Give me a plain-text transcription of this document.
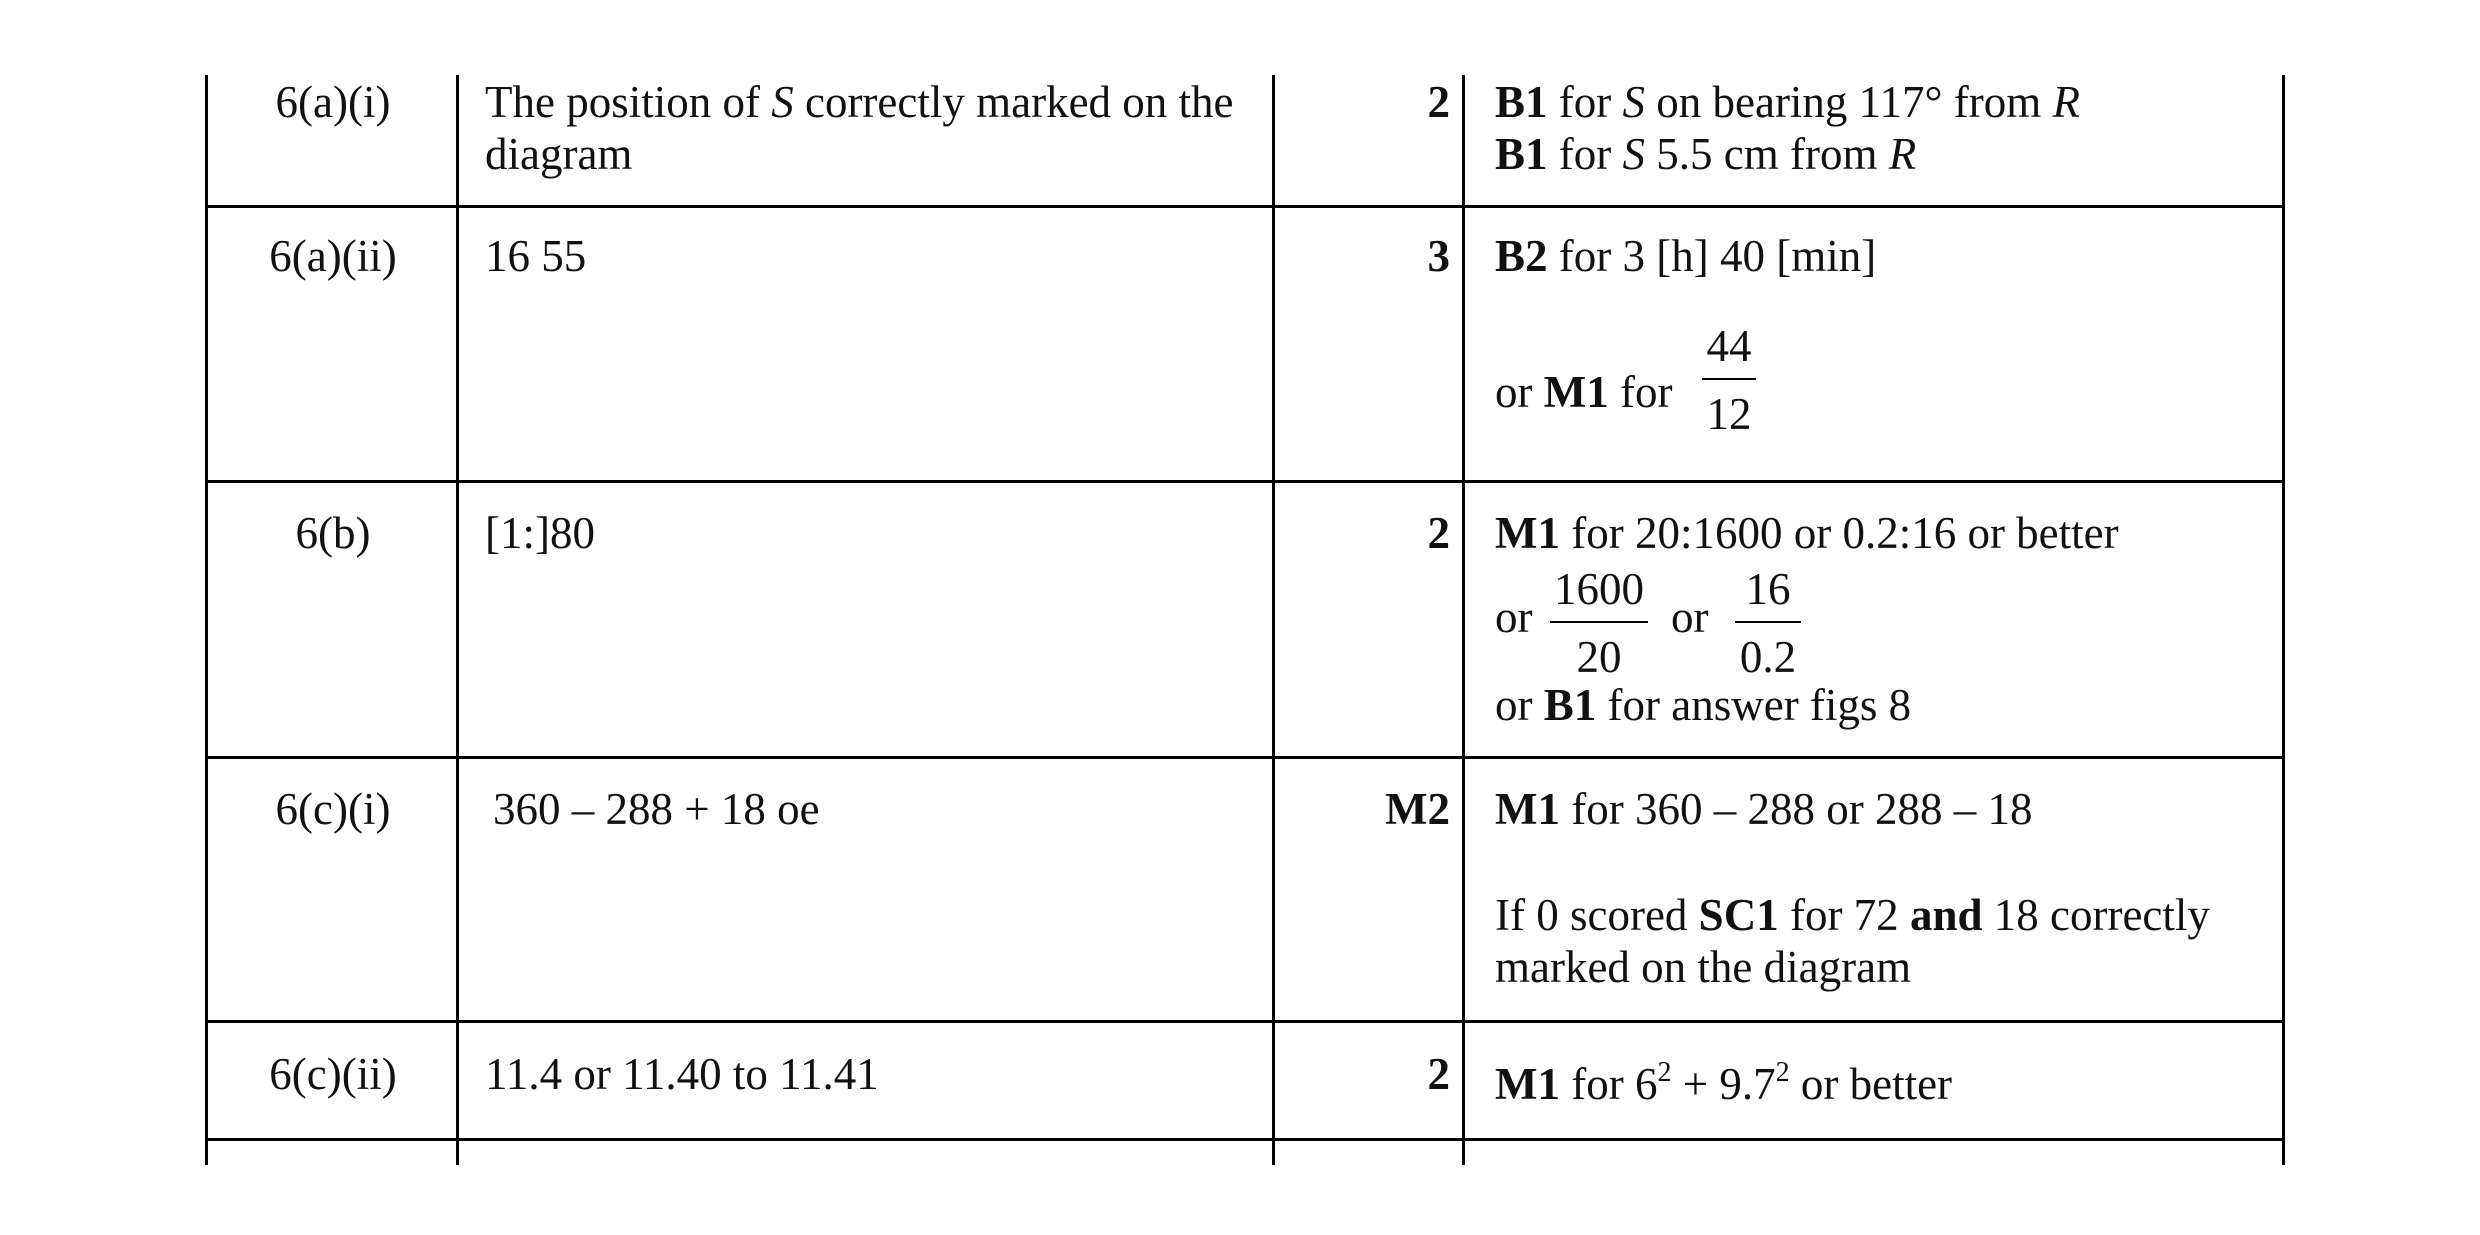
6(a)(i)	The position of S correctly marked on the
diagram
2 B1 for S on bearing 117° from R
B1 for S 5.5 cm from R
6(a)(ii)	16 55	3 B2 for 3 [h] 40 [min]
or M1 for
44
12
6(b)	[1:]80	2 M1 for 20:1600 or 0.2:16 or better
or
1600
20
or
16
0.2
or B1 for answer figs 8
6(c)(i)	360 – 288 + 18 oe	M2 M1 for 360 – 288 or 288 – 18
If 0 scored SC1 for 72 and 18 correctly
marked on the diagram
6(c)(ii)	11.4 or 11.40 to 11.41	2 M1 for $6^2 + 9.7^2$ or better
